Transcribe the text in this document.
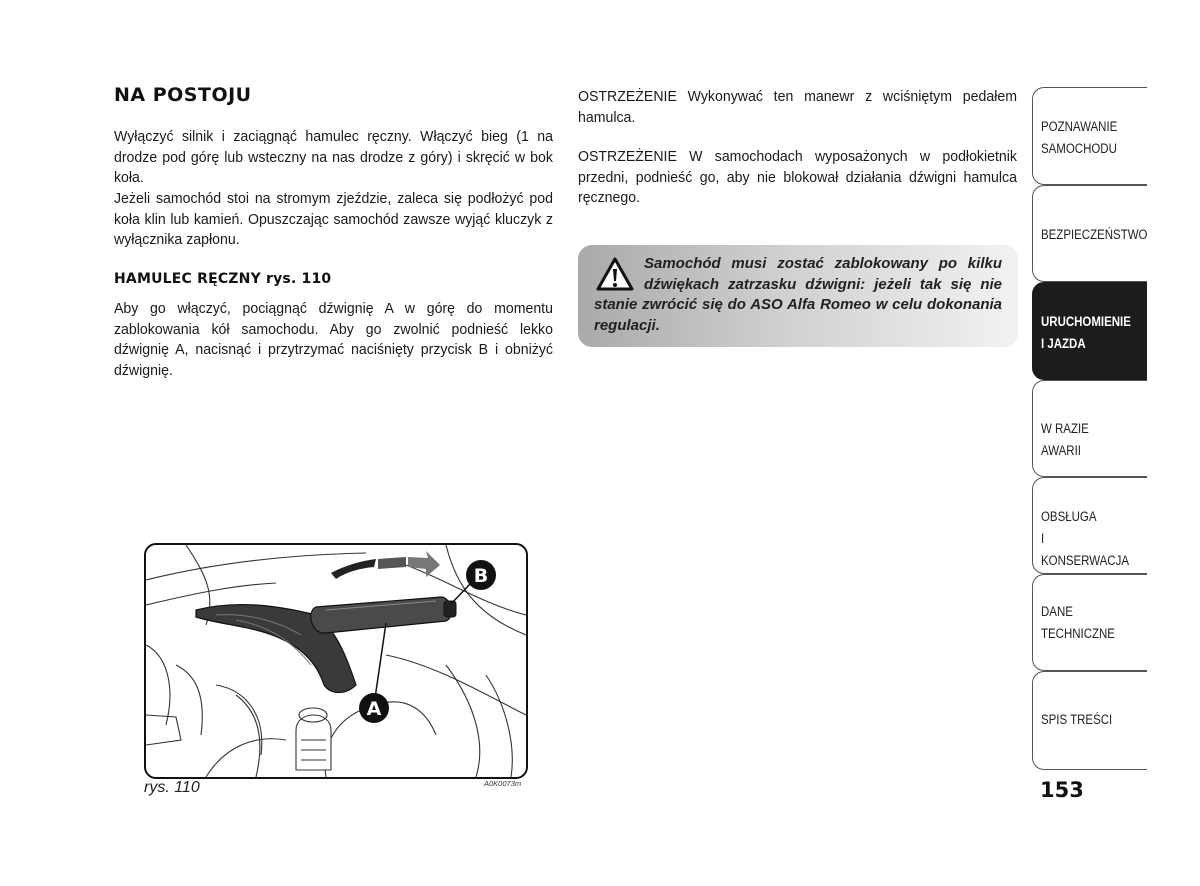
NA POSTOJU
Wyłączyć silnik i zaciągnąć hamulec ręczny. Włączyć bieg (1 na drodze pod górę lub wsteczny na nas drodze z góry) i skręcić w bok koła.
Jeżeli samochód stoi na stromym zjeździe, zaleca się podłożyć pod koła klin lub kamień. Opuszczając samochód zawsze wyjąć kluczyk z wyłącznika zapłonu.
HAMULEC RĘCZNY rys. 110
Aby go włączyć, pociągnąć dźwignię A w górę do momentu zablokowania kół samochodu. Aby go zwolnić podnieść lekko dźwignię A, nacisnąć i przytrzymać naciśnięty przycisk B i obniżyć dźwignię.
OSTRZEŻENIE Wykonywać ten manewr z wciśniętym pedałem hamulca.
OSTRZEŻENIE W samochodach wyposażonych w podłokietnik przedni, podnieść go, aby nie blokował działania dźwigni hamulca ręcznego.
Samochód musi zostać zablokowany po kilku dźwiękach zatrzasku dźwigni: jeżeli tak się nie stanie zwrócić się do ASO Alfa Romeo w celu dokonania regulacji.
B
A
rys. 110	A0K0073m
POZNAWANIE
SAMOCHODU
BEZPIECZEŃSTWO
URUCHOMIENIE
I JAZDA
W RAZIE AWARII
OBSŁUGA
I KONSERWACJA
DANE
TECHNICZNE
SPIS TREŚCI
153
